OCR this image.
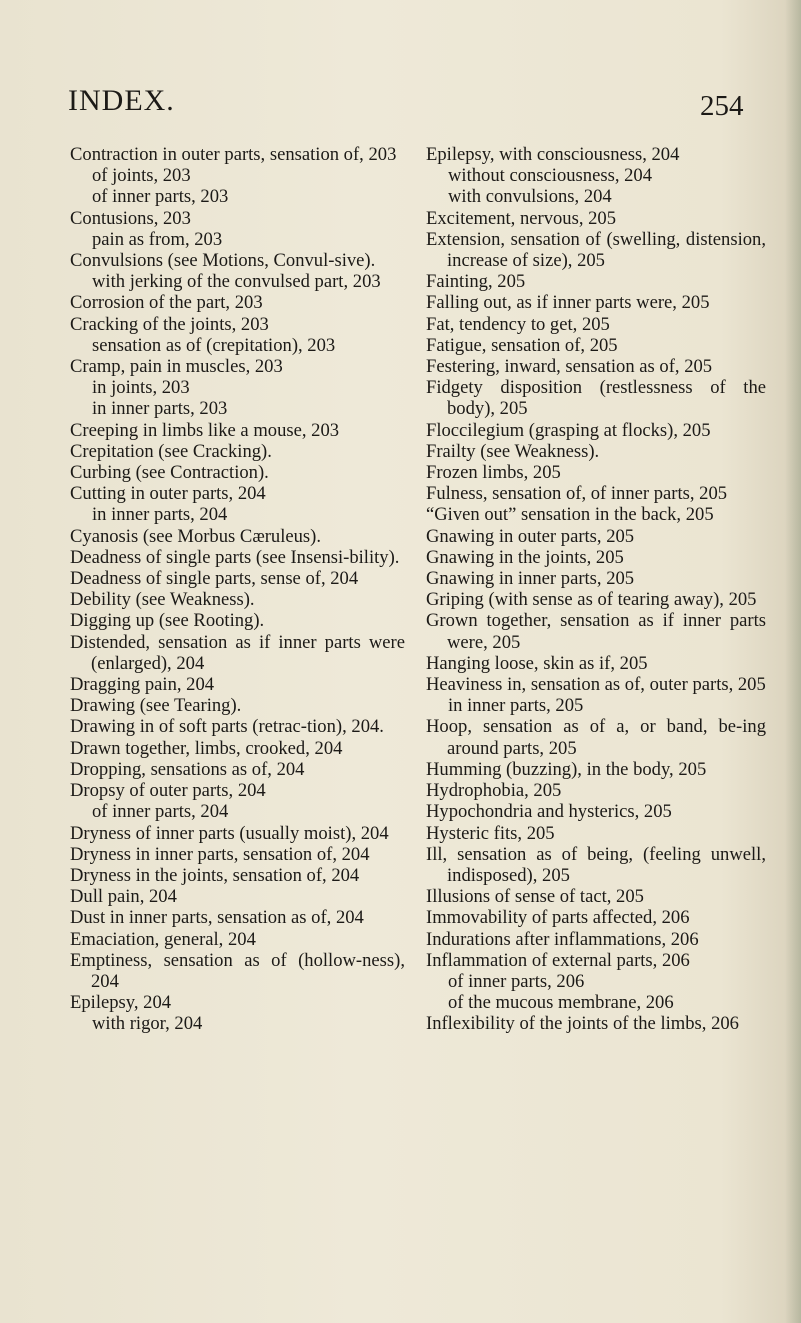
INDEX.	254
Contraction in outer parts, sensation of, 203
of joints, 203
of inner parts, 203
Contusions, 203
pain as from, 203
Convulsions (see Motions, Convul-sive).
with jerking of the convulsed part, 203
Corrosion of the part, 203
Cracking of the joints, 203
sensation as of (crepitation), 203
Cramp, pain in muscles, 203
in joints, 203
in inner parts, 203
Creeping in limbs like a mouse, 203
Crepitation (see Cracking).
Curbing (see Contraction).
Cutting in outer parts, 204
in inner parts, 204
Cyanosis (see Morbus Cæruleus).
Deadness of single parts (see Insensi-bility).
Deadness of single parts, sense of, 204
Debility (see Weakness).
Digging up (see Rooting).
Distended, sensation as if inner parts were (enlarged), 204
Dragging pain, 204
Drawing (see Tearing).
Drawing in of soft parts (retrac-tion), 204.
Drawn together, limbs, crooked, 204
Dropping, sensations as of, 204
Dropsy of outer parts, 204
of inner parts, 204
Dryness of inner parts (usually moist), 204
Dryness in inner parts, sensation of, 204
Dryness in the joints, sensation of, 204
Dull pain, 204
Dust in inner parts, sensation as of, 204
Emaciation, general, 204
Emptiness, sensation as of (hollow-ness), 204
Epilepsy, 204
with rigor, 204
Epilepsy, with consciousness, 204
without consciousness, 204
with convulsions, 204
Excitement, nervous, 205
Extension, sensation of (swelling, distension, increase of size), 205
Fainting, 205
Falling out, as if inner parts were, 205
Fat, tendency to get, 205
Fatigue, sensation of, 205
Festering, inward, sensation as of, 205
Fidgety disposition (restlessness of the body), 205
Floccilegium (grasping at flocks), 205
Frailty (see Weakness).
Frozen limbs, 205
Fulness, sensation of, of inner parts, 205
“Given out” sensation in the back, 205
Gnawing in outer parts, 205
Gnawing in the joints, 205
Gnawing in inner parts, 205
Griping (with sense as of tearing away), 205
Grown together, sensation as if inner parts were, 205
Hanging loose, skin as if, 205
Heaviness in, sensation as of, outer parts, 205
in inner parts, 205
Hoop, sensation as of a, or band, be-ing around parts, 205
Humming (buzzing), in the body, 205
Hydrophobia, 205
Hypochondria and hysterics, 205
Hysteric fits, 205
Ill, sensation as of being, (feeling unwell, indisposed), 205
Illusions of sense of tact, 205
Immovability of parts affected, 206
Indurations after inflammations, 206
Inflammation of external parts, 206
of inner parts, 206
of the mucous membrane, 206
Inflexibility of the joints of the limbs, 206
